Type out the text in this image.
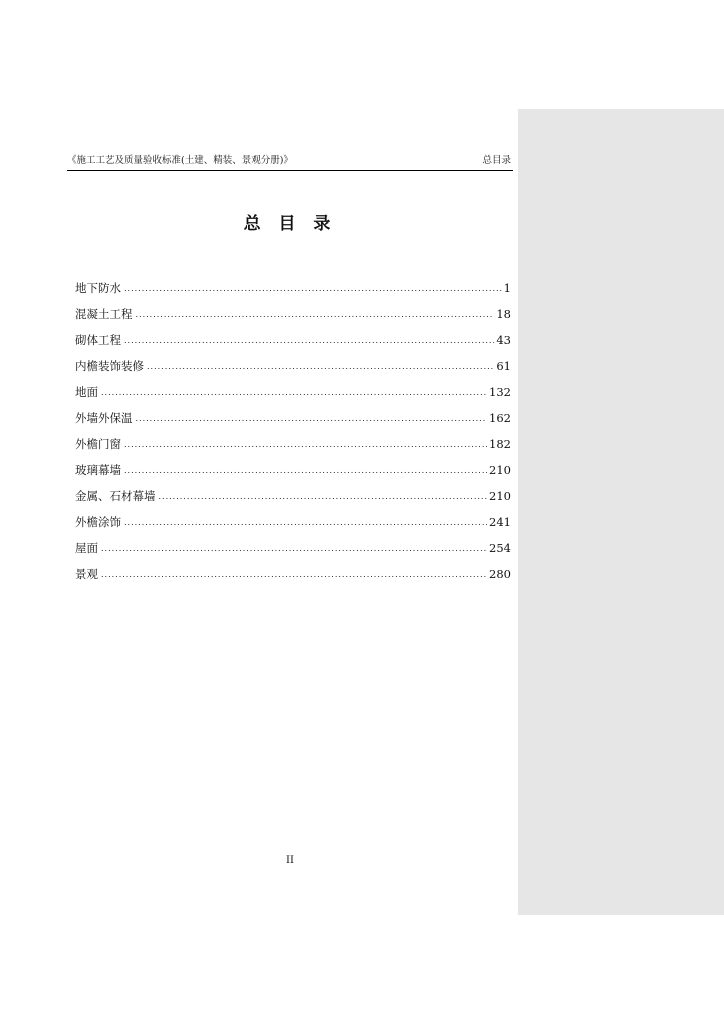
《施工工艺及质量验收标准(土建、精装、景观分册)》	总目录
总 目 录
地下防水 .....	1
混凝土工程 .....	18
砌体工程 .....	43
内檐装饰装修 .....	61
地面 .....	132
外墙外保温 .....	162
外檐门窗 .....	182
玻璃幕墙 .....	210
金属、石材幕墙 .....	210
外檐涂饰 .....	241
屋面 .....	254
景观 .....	280
II
